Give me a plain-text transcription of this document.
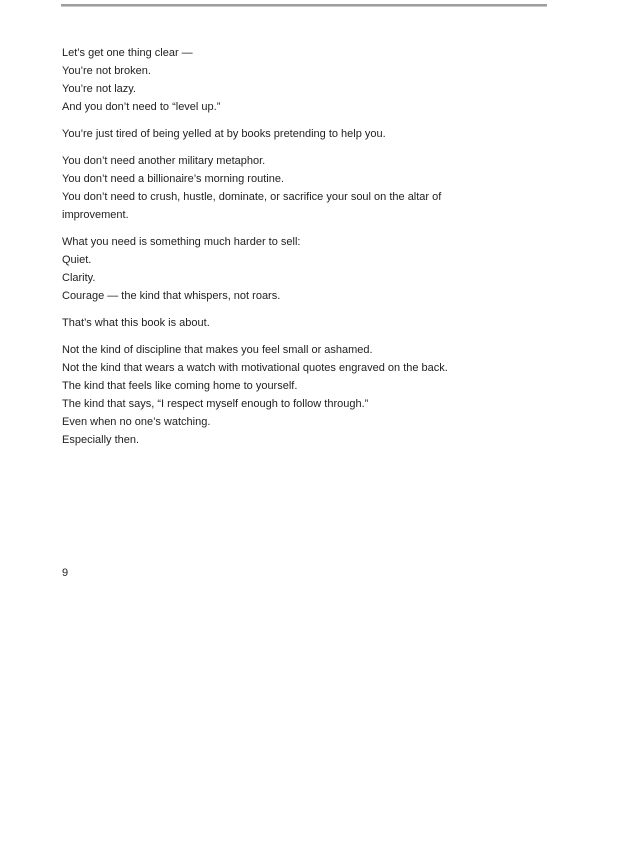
Let’s get one thing clear —
You’re not broken.
You’re not lazy.
And you don’t need to “level up.”

You’re just tired of being yelled at by books pretending to help you.

You don’t need another military metaphor.
You don’t need a billionaire’s morning routine.
You don’t need to crush, hustle, dominate, or sacrifice your soul on the altar of
improvement.

What you need is something much harder to sell:
Quiet.
Clarity.
Courage — the kind that whispers, not roars.

That’s what this book is about.

Not the kind of discipline that makes you feel small or ashamed.
Not the kind that wears a watch with motivational quotes engraved on the back.
The kind that feels like coming home to yourself.
The kind that says, “I respect myself enough to follow through.”
Even when no one’s watching.
Especially then.

9
